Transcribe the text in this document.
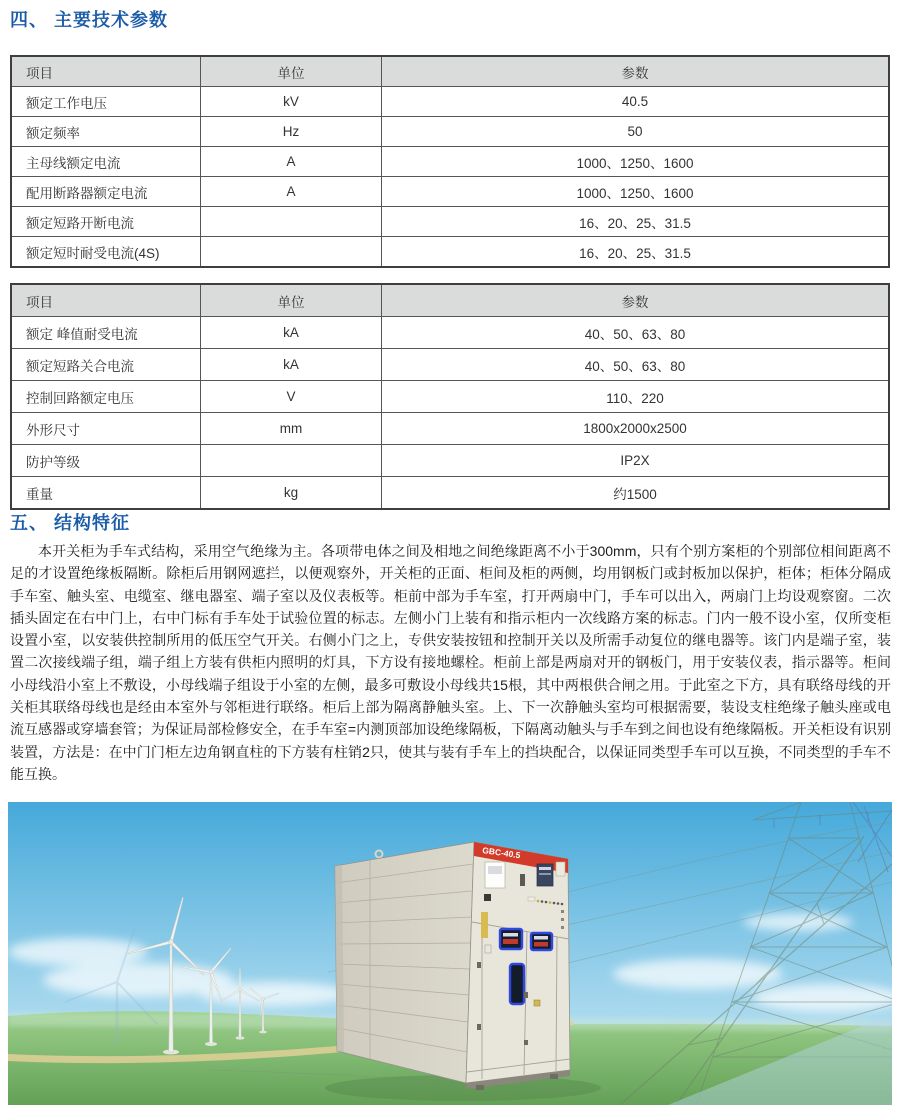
四、 主要技术参数
项目	单位	参数
额定工作电压	kV	40.5
额定频率	Hz	50
主母线额定电流	A	1000、1250、1600
配用断路器额定电流	A	1000、1250、1600
额定短路开断电流		16、20、25、31.5
额定短时耐受电流(4S)		16、20、25、31.5
项目	单位	参数
额定 峰值耐受电流	kA	40、50、63、80
额定短路关合电流	kA	40、50、63、80
控制回路额定电压	V	110、220
外形尺寸	mm	1800x2000x2500
防护等级		IP2X
重量	kg	约1500
五、 结构特征
本开关柜为手车式结构，采用空气绝缘为主。各项带电体之间及相地之间绝缘距离不小于300mm，只有个别方案柜的个别部位相间距离不足的才设置绝缘板隔断。除柜后用钢网遮拦，以便观察外，开关柜的正面、柜间及柜的两侧，均用钢板门或封板加以保护，柜体；柜体分隔成手车室、触头室、电缆室、继电器室、端子室以及仪表板等。柜前中部为手车室，打开两扇中门，手车可以出入，两扇门上均设观察窗。二次插头固定在右中门上，右中门标有手车处于试验位置的标志。左侧小门上装有和指示柜内一次线路方案的标志。门内一般不设小室，仅所变柜设置小室，以安装供控制所用的低压空气开关。右侧小门之上，专供安装按钮和控制开关以及所需手动复位的继电器等。该门内是端子室，装置二次接线端子组，端子组上方装有供柜内照明的灯具，下方设有接地螺栓。柜前上部是两扇对开的钢板门，用于安装仪表，指示器等。柜间小母线沿小室上不敷设，小母线端子组设于小室的左侧，最多可敷设小母线共15根，其中两根供合闸之用。于此室之下方，具有联络母线的开关柜其联络母线也是经由本室外与邻柜进行联络。柜后上部为隔离静触头室。上、下一次静触头室均可根据需要，装设支柱绝缘子触头座或电流互感器或穿墙套管；为保证局部检修安全，在手车室=内测顶部加设绝缘隔板，下隔离动触头与手车到之间也设有绝缘隔板。开关柜设有识别装置，方法是：在中门门柜左边角钢直柱的下方装有柱销2只，使其与装有手车上的挡块配合，以保证同类型手车可以互换，不同类型的手车不能互换。
GBC-40.5
